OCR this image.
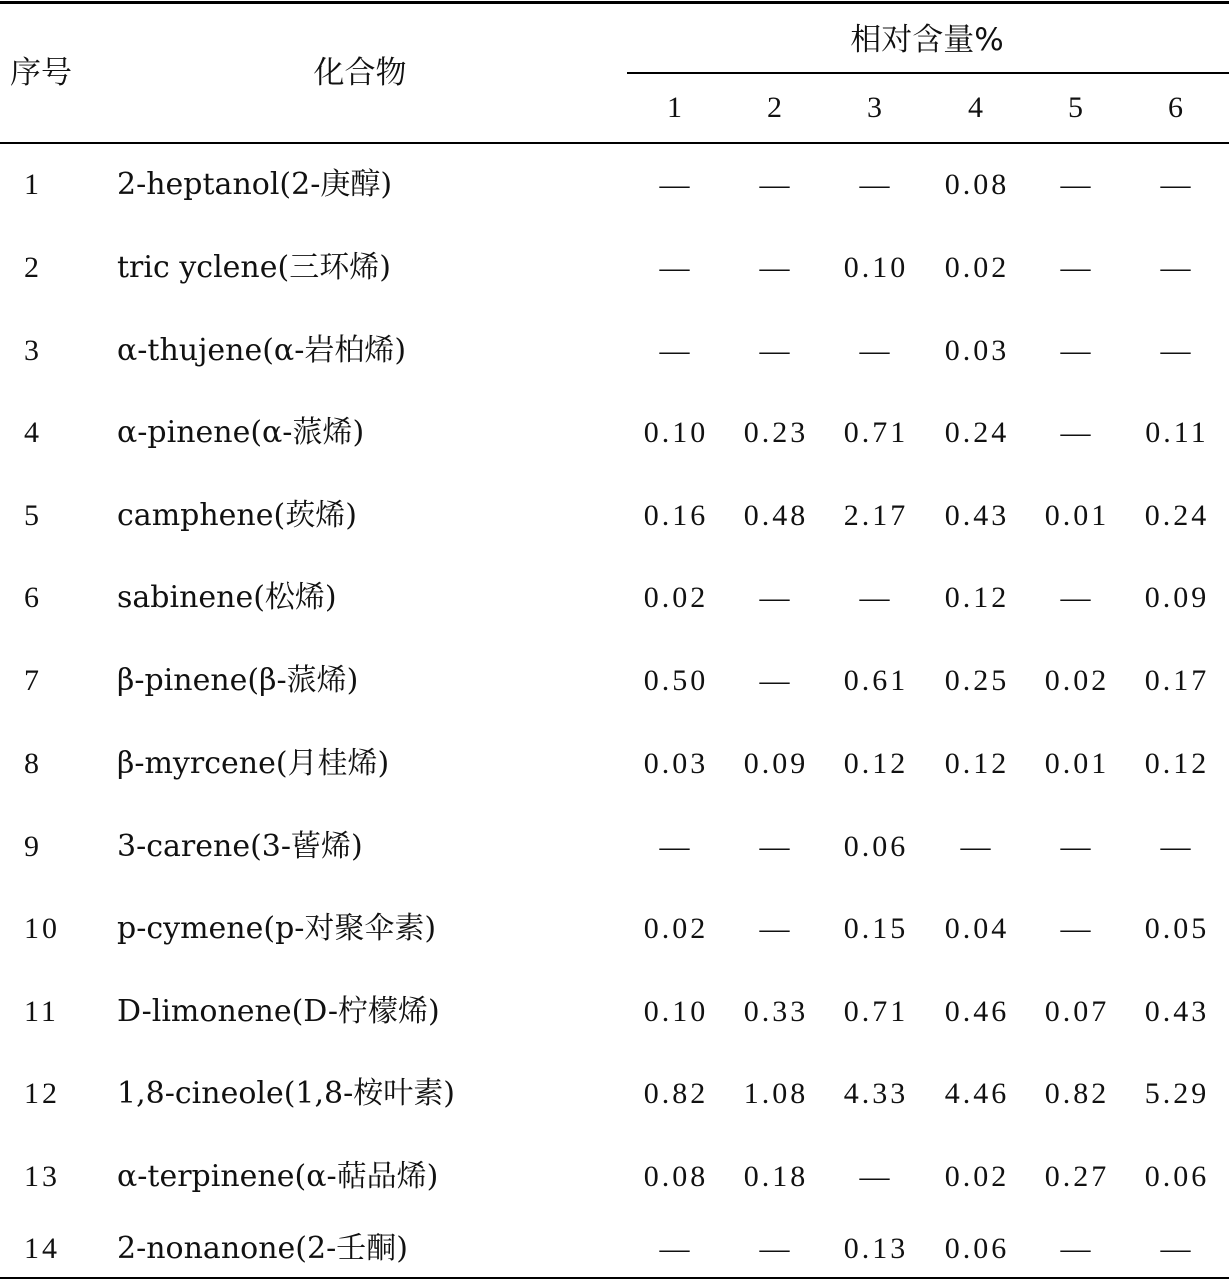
序号	化合物
相对含量%
1	2	3	4	5	6
1	2-heptanol(2-庚醇)	— — — 0.08 — —
2	tric yclene(三环烯)	— — 0.10 0.02 — —
3	α-thujene(α-岩柏烯)	— — — 0.03 — —
4	α-pinene(α-蒎烯)	0.10 0.23 0.71 0.24 — 0.11
5	camphene(莰烯)	0.16 0.48 2.17 0.43 0.01 0.24
6	sabinene(松烯)	0.02 — — 0.12 — 0.09
7	β-pinene(β-蒎烯)	0.50 — 0.61 0.25 0.02 0.17
8	β-myrcene(月桂烯)	0.03 0.09 0.12 0.12 0.01 0.12
9	3-carene(3-蒈烯)	— — 0.06 — — —
10 p-cymene(p-对聚伞素)	0.02 — 0.15 0.04 — 0.05
11 D-limonene(D-柠檬烯)	0.10 0.33 0.71 0.46 0.07 0.43
12 1,8-cineole(1,8-桉叶素)	0.82 1.08 4.33 4.46 0.82 5.29
13 α-terpinene(α-萜品烯)	0.08 0.18 — 0.02 0.27 0.06
14 2-nonanone(2-壬酮)	— — 0.13 0.06 — —
